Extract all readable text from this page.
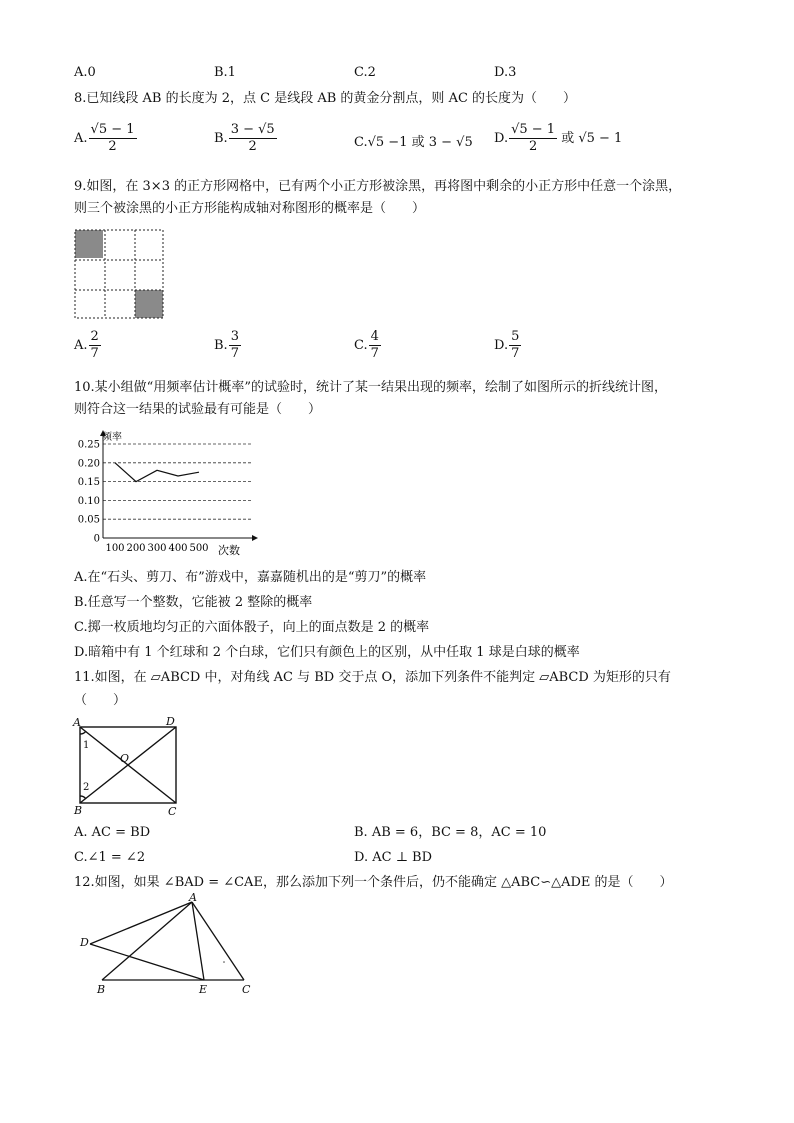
A.0	B.1	C.2	D.3
8.已知线段 AB 的长度为 2，点 C 是线段 AB 的黄金分割点，则 AC 的长度为（　　）
A. $\frac{√5 - 1}{2}$	B. $\frac{3 - √5}{2}$	C.√5 −1 或 3 − √5 D. $\frac{√5 - 1}{2}$ 或 √5 − 1
9.如图，在 3×3 的正方形网格中，已有两个小正方形被涂黑，再将图中剩余的小正方形中任意一个涂黑，
则三个被涂黑的小正方形能构成轴对称图形的概率是（　　）
A. $\frac{2}{7}$	B. $\frac{3}{7}$	C. $\frac{4}{7}$	D. $\frac{5}{7}$
10.某小组做“用频率估计概率”的试验时，统计了某一结果出现的频率，绘制了如图所示的折线统计图，
则符合这一结果的试验最有可能是（　　）
0
0.05
0.10
0.15
0.20
0.25
100 200 300 400 500
频率
次数
A.在“石头、剪刀、布”游戏中，嘉嘉随机出的是“剪刀”的概率
B.任意写一个整数，它能被 2 整除的概率
C.掷一枚质地均匀正的六面体骰子，向上的面点数是 2 的概率
D.暗箱中有 1 个红球和 2 个白球，它们只有颜色上的区别，从中任取 1 球是白球的概率
11.如图，在 ▱ABCD 中，对角线 AC 与 BD 交于点 O，添加下列条件不能判定 ▱ABCD 为矩形的只有
（　　）
A	D
B	C
O
1
2
A. AC = BD	B. AB = 6，BC = 8，AC = 10
C.∠1 = ∠2	D. AC ⊥ BD
12.如图，如果 ∠BAD = ∠CAE，那么添加下列一个条件后，仍不能确定 △ABC∽△ADE 的是（　　）
A
D
B	E	C
